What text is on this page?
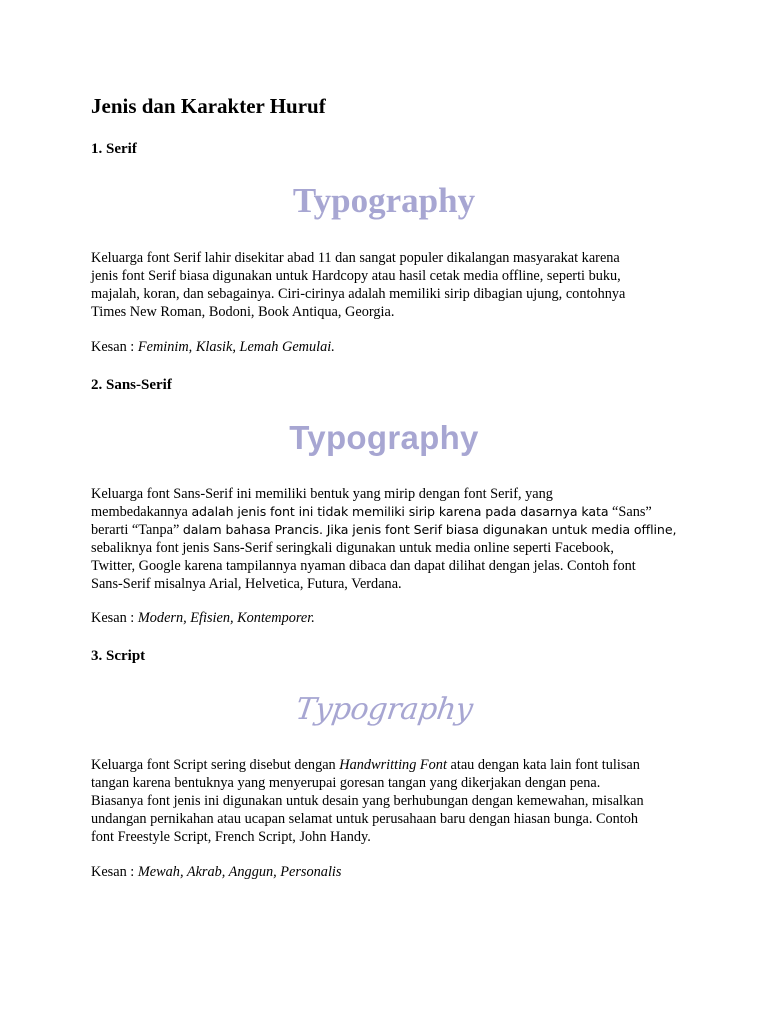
Jenis dan Karakter Huruf
1. Serif
Typography

Keluarga font Serif lahir disekitar abad 11 dan sangat populer dikalangan masyarakat karena
jenis font Serif biasa digunakan untuk Hardcopy atau hasil cetak media offline, seperti buku,
majalah, koran, dan sebagainya. Ciri-cirinya adalah memiliki sirip dibagian ujung, contohnya
Times New Roman, Bodoni, Book Antiqua, Georgia.

Kesan : Feminim, Klasik, Lemah Gemulai.

2. Sans-Serif
Typography

Keluarga font Sans-Serif ini memiliki bentuk yang mirip dengan font Serif, yang
membedakannya adalah jenis font ini tidak memiliki sirip karena pada dasarnya kata “Sans”
berarti “Tanpa” dalam bahasa Prancis. Jika jenis font Serif biasa digunakan untuk media offline,
sebaliknya font jenis Sans-Serif seringkali digunakan untuk media online seperti Facebook,
Twitter, Google karena tampilannya nyaman dibaca dan dapat dilihat dengan jelas. Contoh font
Sans-Serif misalnya Arial, Helvetica, Futura, Verdana.

Kesan : Modern, Efisien, Kontemporer.

3. Script
Typography

Keluarga font Script sering disebut dengan Handwritting Font atau dengan kata lain font tulisan
tangan karena bentuknya yang menyerupai goresan tangan yang dikerjakan dengan pena.
Biasanya font jenis ini digunakan untuk desain yang berhubungan dengan kemewahan, misalkan
undangan pernikahan atau ucapan selamat untuk perusahaan baru dengan hiasan bunga. Contoh
font Freestyle Script, French Script, John Handy.

Kesan : Mewah, Akrab, Anggun, Personalis
